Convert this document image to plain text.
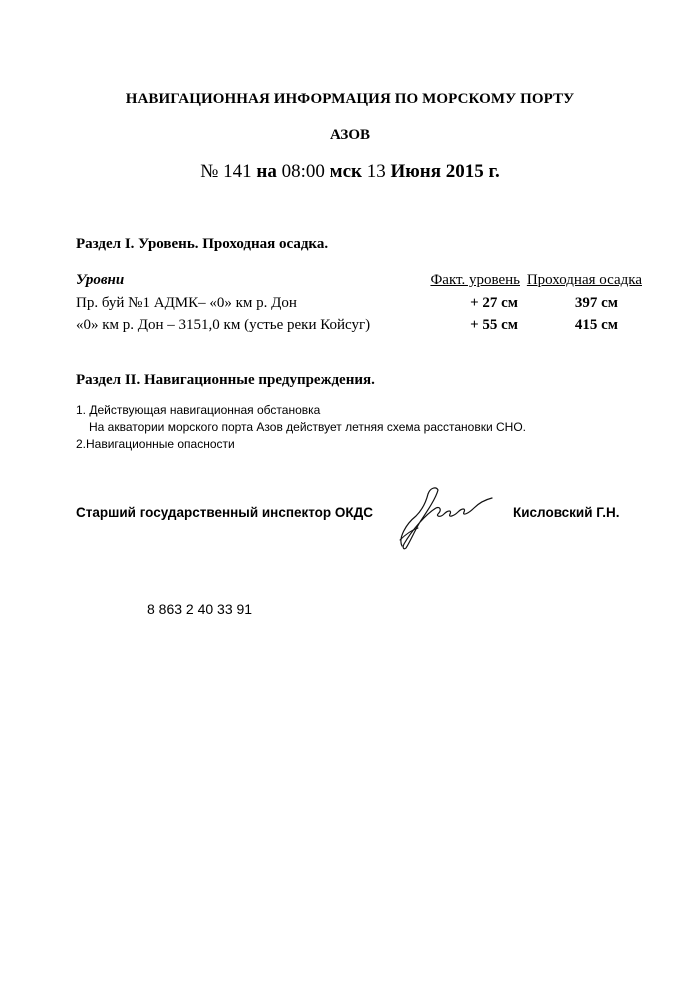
НАВИГАЦИОННАЯ ИНФОРМАЦИЯ ПО МОРСКОМУ ПОРТУ
АЗОВ
№ 141 на 08:00 мск 13 Июня 2015 г.
Раздел I. Уровень. Проходная осадка.
Уровни	Факт. уровень Проходная осадка
Пр. буй №1 АДМК– «0» км р. Дон	+ 27 см	397 см
«0» км р. Дон – 3151,0 км (устье реки Койсуг)	+ 55 см	415 см
Раздел II. Навигационные предупреждения.
1. Действующая навигационная обстановка
На акватории морского порта Азов действует летняя схема расстановки СНО.
2.Навигационные опасности
Старший государственный инспектор ОКДС	Кисловский Г.Н.
8 863 2 40 33 91
